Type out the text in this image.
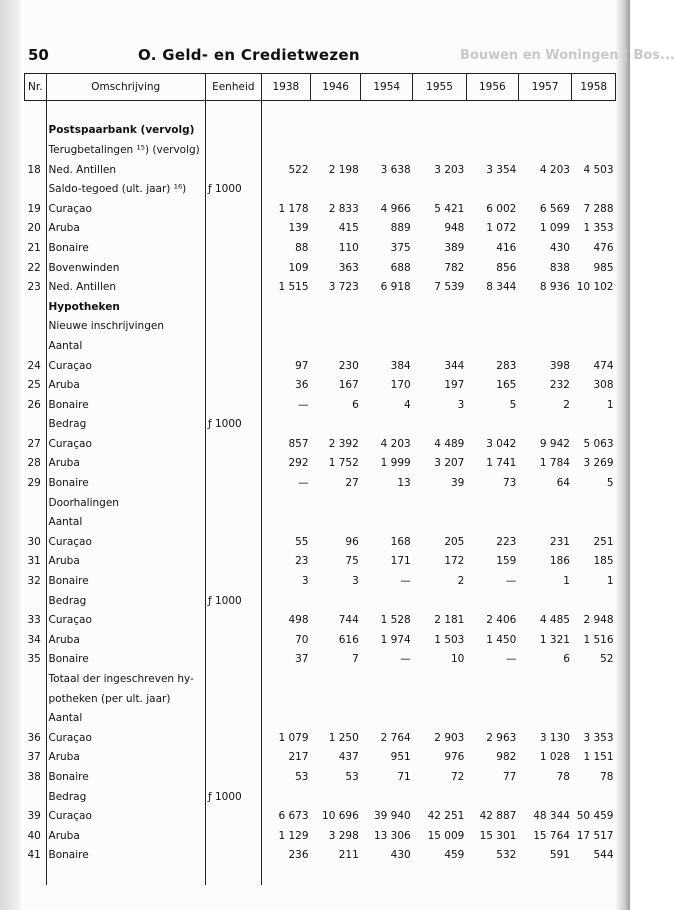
50	O. Geld- en Credietwezen	Bouwen en Woningen ( Bos...
Nr.	Omschrijving	Eenheid	1938	1946	1954	1955	1956	1957	1958

	Postspaarbank (vervolg)								
	Terugbetalingen ¹⁵) (vervolg)								
18	Ned. Antillen		522	2 198	3 638	3 203	3 354	4 203	4 503
	Saldo-tegoed (ult. jaar) ¹⁶)	ƒ 1000							
19	Curaçao		1 178	2 833	4 966	5 421	6 002	6 569	7 288
20	Aruba		139	415	889	948	1 072	1 099	1 353
21	Bonaire		88	110	375	389	416	430	476
22	Bovenwinden		109	363	688	782	856	838	985
23	Ned. Antillen		1 515	3 723	6 918	7 539	8 344	8 936	10 102
	Hypotheken								
	Nieuwe inschrijvingen								
	Aantal								
24	Curaçao		97	230	384	344	283	398	474
25	Aruba		36	167	170	197	165	232	308
26	Bonaire		—	6	4	3	5	2	1
	Bedrag	ƒ 1000							
27	Curaçao		857	2 392	4 203	4 489	3 042	9 942	5 063
28	Aruba		292	1 752	1 999	3 207	1 741	1 784	3 269
29	Bonaire		—	27	13	39	73	64	5
	Doorhalingen								
	Aantal								
30	Curaçao		55	96	168	205	223	231	251
31	Aruba		23	75	171	172	159	186	185
32	Bonaire		3	3	—	2	—	1	1
	Bedrag	ƒ 1000							
33	Curaçao		498	744	1 528	2 181	2 406	4 485	2 948
34	Aruba		70	616	1 974	1 503	1 450	1 321	1 516
35	Bonaire		37	7	—	10	—	6	52
	Totaal der ingeschreven hy-								
	potheken (per ult. jaar)								
	Aantal								
36	Curaçao		1 079	1 250	2 764	2 903	2 963	3 130	3 353
37	Aruba		217	437	951	976	982	1 028	1 151
38	Bonaire		53	53	71	72	77	78	78
	Bedrag	ƒ 1000							
39	Curaçao		6 673	10 696	39 940	42 251	42 887	48 344	50 459
40	Aruba		1 129	3 298	13 306	15 009	15 301	15 764	17 517
41	Bonaire		236	211	430	459	532	591	544
